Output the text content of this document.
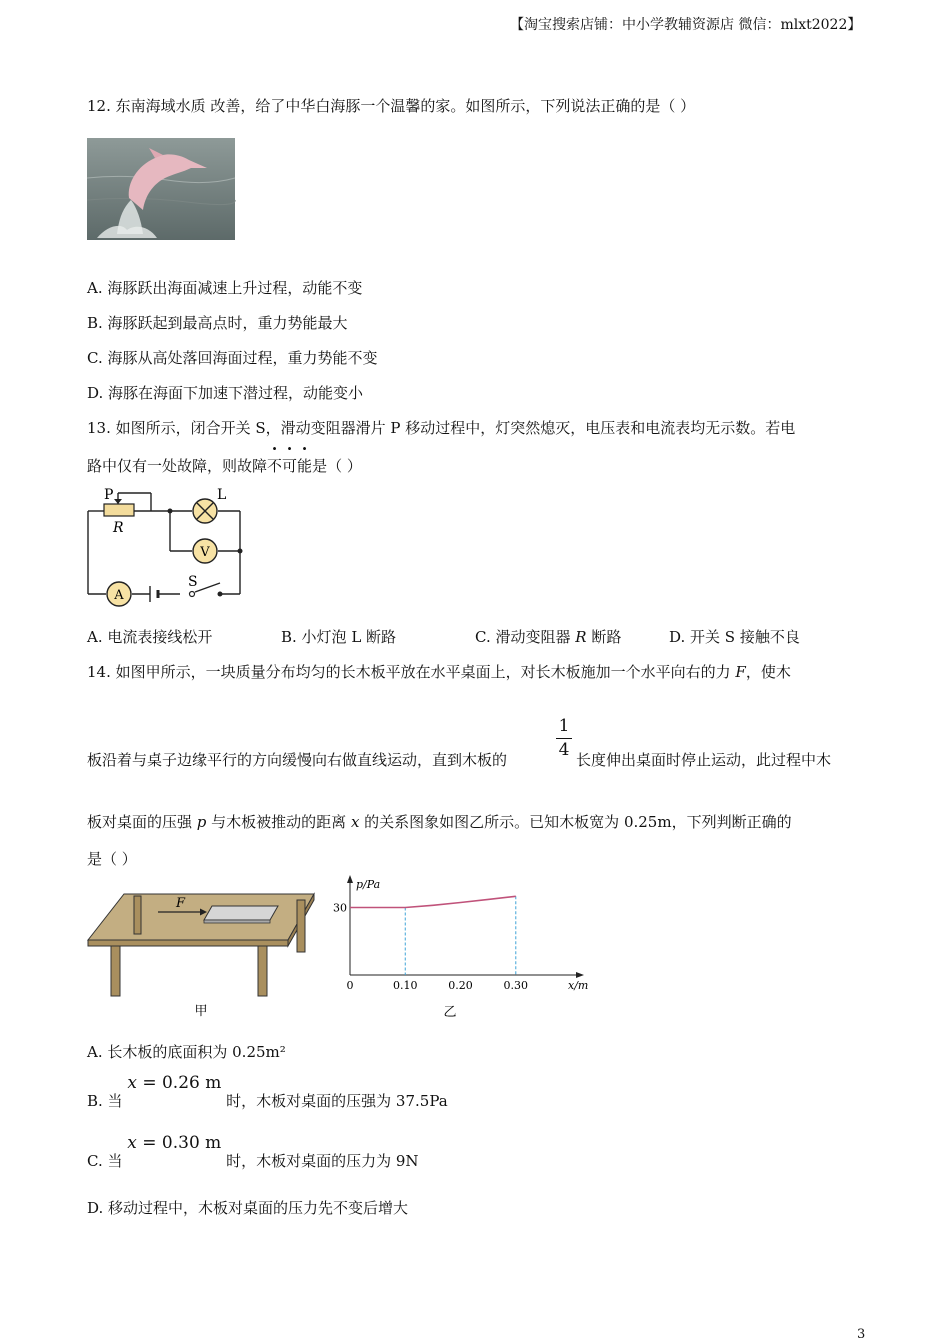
【淘宝搜索店铺：中小学教辅资源店 微信：mlxt2022】
12. 东南海域水质 改善，给了中华白海豚一个温馨的家。如图所示，下列说法正确的是（ ）
A. 海豚跃出海面减速上升过程，动能不变
B. 海豚跃起到最高点时，重力势能最大
C. 海豚从高处落回海面过程，重力势能不变
D. 海豚在海面下加速下潜过程，动能变小
13. 如图所示，闭合开关 S，滑动变阻器滑片 P 移动过程中，灯突然熄灭，电压表和电流表均无示数。若电
路中仅有一处故障，则故障不可能是（ ）
P
R
L
V
A
S
A. 电流表接线松开	B. 小灯泡 L 断路	C. 滑动变阻器 R 断路	D. 开关 S 接触不良
14. 如图甲所示，一块质量分布均匀的长木板平放在水平桌面上，对长木板施加一个水平向右的力 F，使木
1
4
板沿着与桌子边缘平行的方向缓慢向右做直线运动，直到木板的	长度伸出桌面时停止运动，此过程中木
板对桌面的压强 p 与木板被推动的距离 x 的关系图象如图乙所示。已知木板宽为 0.25m，下列判断正确的
是（ ）
F
甲
30
0	0.10	0.20	0.30
p/Pa
x/m
乙
A. 长木板的底面积为 0.25m²
B. 当 x = 0.26 m 时，木板对桌面的压强为 37.5Pa
C. 当 x = 0.30 m 时，木板对桌面的压力为 9N
D. 移动过程中，木板对桌面的压力先不变后增大
3
